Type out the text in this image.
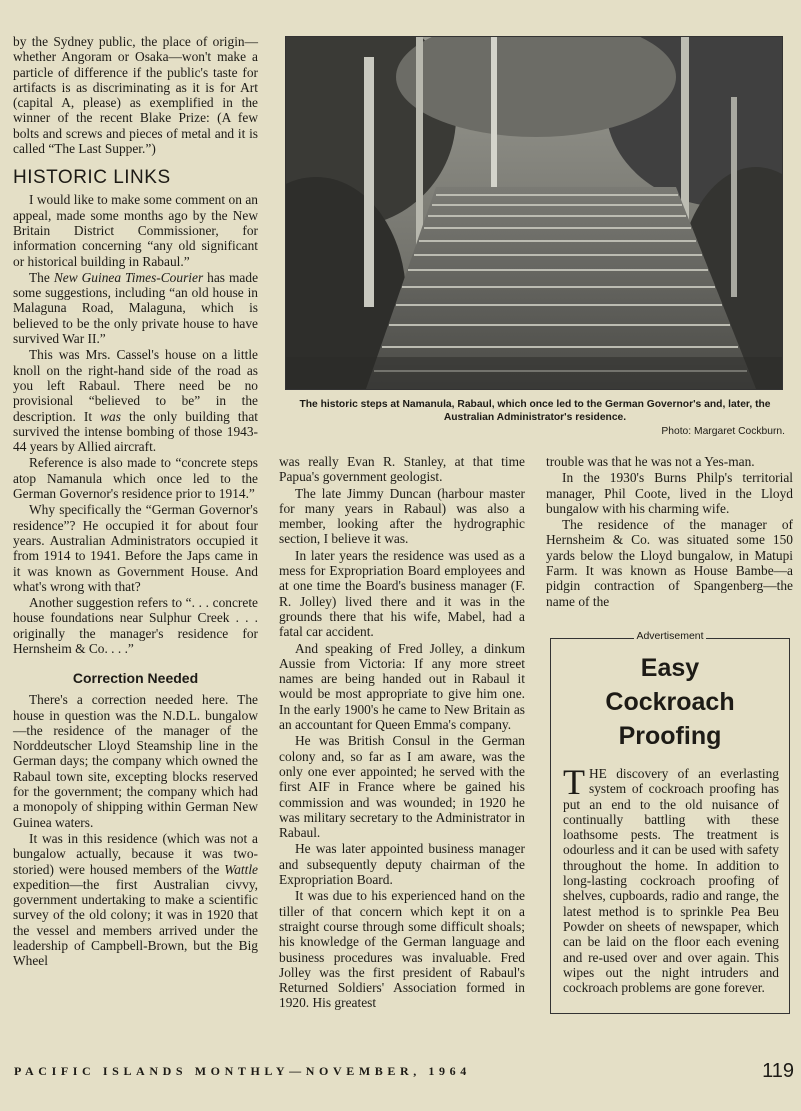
by the Sydney public, the place of origin—whether Angoram or Osaka—won't make a particle of difference if the public's taste for artifacts is as discriminating as it is for Art (capital A, please) as exemplified in the winner of the recent Blake Prize: (A few bolts and screws and pieces of metal and it is called “The Last Supper.”)

HISTORIC LINKS

I would like to make some comment on an appeal, made some months ago by the New Britain District Commissioner, for information concerning “any old significant or historical building in Rabaul.”

The New Guinea Times-Courier has made some suggestions, including “an old house in Malaguna Road, Malaguna, which is believed to be the only private house to have survived War II.”

This was Mrs. Cassel's house on a little knoll on the right-hand side of the road as you left Rabaul. There need be no provisional “believed to be” in the description. It was the only building that survived the intense bombing of those 1943-44 years by Allied aircraft.

Reference is also made to “concrete steps atop Namanula which once led to the German Governor's residence prior to 1914.”

Why specifically the “German Governor's residence”? He occupied it for about four years. Australian Administrators occupied it from 1914 to 1941. Before the Japs came in it was known as Government House. And what's wrong with that?

Another suggestion refers to “. . . concrete house foundations near Sulphur Creek . . . originally the manager's residence for Hernsheim & Co. . . .”

Correction Needed

There's a correction needed here. The house in question was the N.D.L. bungalow—the residence of the manager of the Norddeutscher Lloyd Steamship line in the German days; the company which owned the Rabaul town site, excepting blocks reserved for the government; the company which had a monopoly of shipping within German New Guinea waters.

It was in this residence (which was not a bungalow actually, because it was two-storied) were housed members of the Wattle expedition—the first Australian civvy, government undertaking to make a scientific survey of the old colony; it was in 1920 that the vessel and members arrived under the leadership of Campbell-Brown, but the Big Wheel

The historic steps at Namanula, Rabaul, which once led to the German Governor's and, later, the Australian Administrator's residence.
Photo: Margaret Cockburn.

was really Evan R. Stanley, at that time Papua's government geologist.

The late Jimmy Duncan (harbour master for many years in Rabaul) was also a member, looking after the hydrographic section, I believe it was.

In later years the residence was used as a mess for Expropriation Board employees and at one time the Board's business manager (F. R. Jolley) lived there and it was in the grounds there that his wife, Mabel, had a fatal car accident.

And speaking of Fred Jolley, a dinkum Aussie from Victoria: If any more street names are being handed out in Rabaul it would be most appropriate to give him one. In the early 1900's he came to New Britain as an accountant for Queen Emma's company.

He was British Consul in the German colony and, so far as I am aware, was the only one ever appointed; he served with the first AIF in France where be gained his commission and was wounded; in 1920 he was military secretary to the Administrator in Rabaul.

He was later appointed business manager and subsequently deputy chairman of the Expropriation Board.

It was due to his experienced hand on the tiller of that concern which kept it on a straight course through some difficult shoals; his knowledge of the German language and business procedures was invaluable. Fred Jolley was the first president of Rabaul's Returned Soldiers' Association formed in 1920. His greatest

trouble was that he was not a Yes-man.

In the 1930's Burns Philp's territorial manager, Phil Coote, lived in the Lloyd bungalow with his charming wife.

The residence of the manager of Hernsheim & Co. was situated some 150 yards below the Lloyd bungalow, in Matupi Farm. It was known as House Bambe—a pidgin contraction of Spangenberg—the name of the

Easy
Cockroach
Proofing
THE discovery of an everlasting system of cockroach proofing has put an end to the old nuisance of continually battling with these loathsome pests. The treatment is odourless and it can be used with safety throughout the home. In addition to long-lasting cockroach proofing of shelves, cupboards, radio and range, the latest method is to sprinkle Pea Beu Powder on sheets of newspaper, which can be laid on the floor each evening and re-used over and over again. This wipes out the night intruders and cockroach problems are gone forever.
Advertisement
PACIFIC ISLANDS MONTHLY—NOVEMBER, 1964	119
